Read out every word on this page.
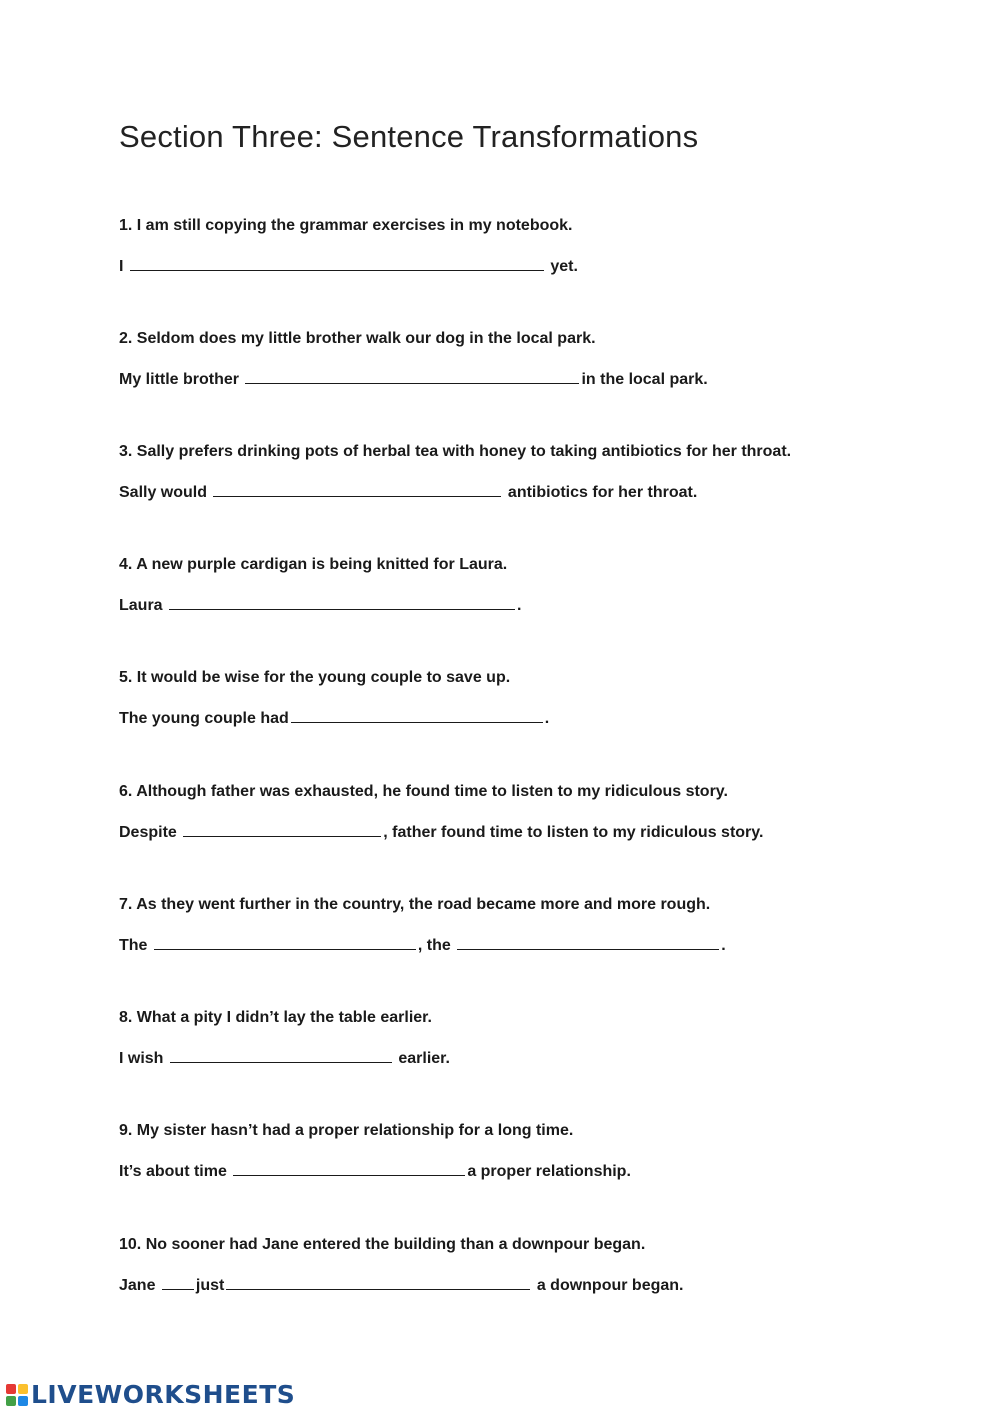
Section Three: Sentence Transformations

1. I am still copying the grammar exercises in my notebook.

I	yet.

2. Seldom does my little brother walk our dog in the local park.

My little brother	in the local park.

3. Sally prefers drinking pots of herbal tea with honey to taking antibiotics for her throat.

Sally would	antibiotics for her throat.

4. A new purple cardigan is being knitted for Laura.

Laura	.

5. It would be wise for the young couple to save up.

The young couple had	.

6. Although father was exhausted, he found time to listen to my ridiculous story.

Despite	, father found time to listen to my ridiculous story.

7. As they went further in the country, the road became more and more rough.

The	, the	.

8. What a pity I didn’t lay the table earlier.

I wish	earlier.

9. My sister hasn’t had a proper relationship for a long time.

It’s about time	a proper relationship.

10. No sooner had Jane entered the building than a downpour began.

Jane just	a downpour began.

LIVEWORKSHEETS
